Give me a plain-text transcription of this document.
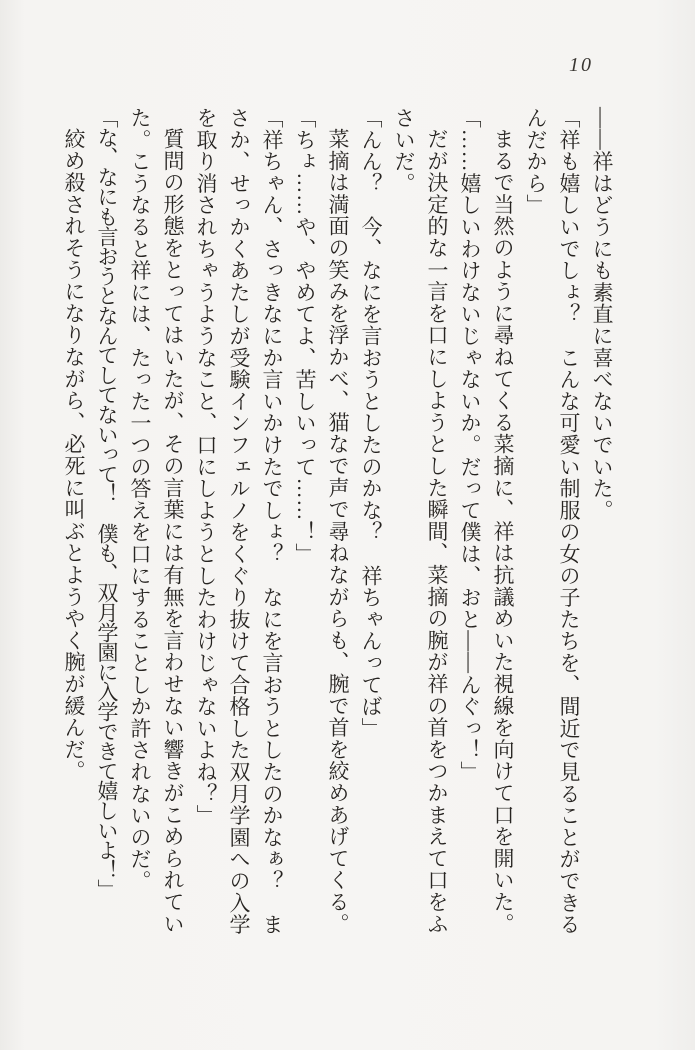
10

――祥はどうにも素直に喜べないでいた。

「祥も嬉しいでしょ？　こんな可愛い制服の女の子たちを、間近で見ることができるんだから」

まるで当然のように尋ねてくる菜摘に、祥は抗議めいた視線を向けて口を開いた。

「……嬉しいわけないじゃないか。だって僕は、おと――んぐっ！」

だが決定的な一言を口にしようとした瞬間、菜摘の腕が祥の首をつかまえて口をふさいだ。

「んん？　今、なにを言おうとしたのかな？　祥ちゃんってば」

菜摘は満面の笑みを浮かべ、猫なで声で尋ねながらも、腕で首を絞めあげてくる。

「ちょ……や、やめてよ、苦しいって……！」

「祥ちゃん、さっきなにか言いかけたでしょ？　なにを言おうとしたのかなぁ？　まさか、せっかくあたしが受験インフェルノをくぐり抜けて合格した双月学園への入学を取り消されちゃうようなこと、口にしようとしたわけじゃないよね？」

質問の形態をとってはいたが、その言葉には有無を言わせない響きがこめられていた。こうなると祥には、たった一つの答えを口にすることしか許されないのだ。

「な、なにも言おうとなんてしてないって！　僕も、双月学園に入学できて嬉しいよ！」

絞め殺されそうになりながら、必死に叫ぶとようやく腕が緩んだ。
